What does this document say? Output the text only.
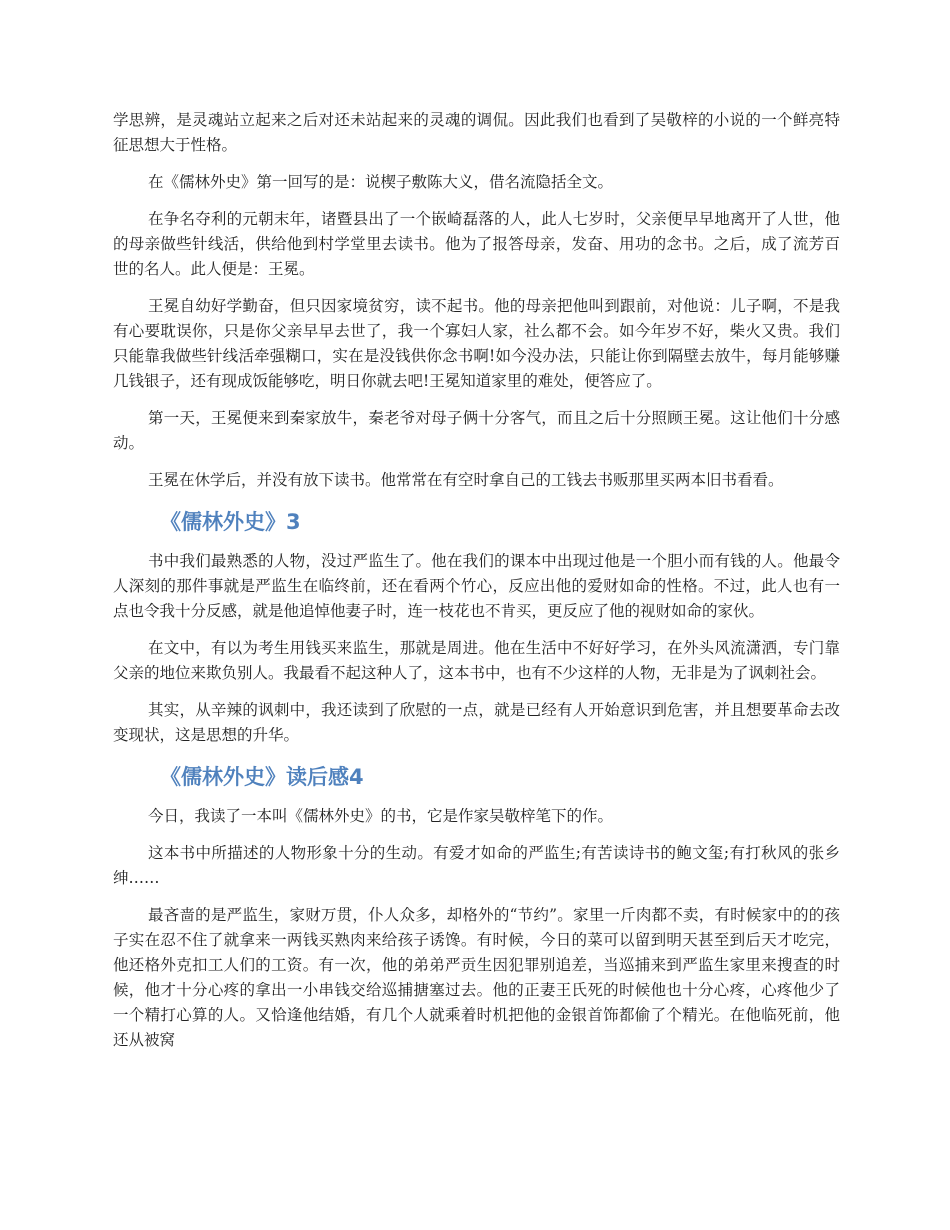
学思辨，是灵魂站立起来之后对还未站起来的灵魂的调侃。因此我们也看到了吴敬梓的小说的一个鲜亮特征思想大于性格。

在《儒林外史》第一回写的是：说楔子敷陈大义，借名流隐括全文。

在争名夺利的元朝末年，诸暨县出了一个嵌崎磊落的人，此人七岁时，父亲便早早地离开了人世，他的母亲做些针线活，供给他到村学堂里去读书。他为了报答母亲，发奋、用功的念书。之后，成了流芳百世的名人。此人便是：王冕。

王冕自幼好学勤奋，但只因家境贫穷，读不起书。他的母亲把他叫到跟前，对他说：儿子啊，不是我有心要耽误你，只是你父亲早早去世了，我一个寡妇人家，社么都不会。如今年岁不好，柴火又贵。我们只能靠我做些针线活牵强糊口，实在是没钱供你念书啊!如今没办法，只能让你到隔壁去放牛，每月能够赚几钱银子，还有现成饭能够吃，明日你就去吧!王冕知道家里的难处，便答应了。

第一天，王冕便来到秦家放牛，秦老爷对母子俩十分客气，而且之后十分照顾王冕。这让他们十分感动。

王冕在休学后，并没有放下读书。他常常在有空时拿自己的工钱去书贩那里买两本旧书看看。

《儒林外史》3

书中我们最熟悉的人物，没过严监生了。他在我们的课本中出现过他是一个胆小而有钱的人。他最令人深刻的那件事就是严监生在临终前，还在看两个竹心，反应出他的爱财如命的性格。不过，此人也有一点也令我十分反感，就是他追悼他妻子时，连一枝花也不肯买，更反应了他的视财如命的家伙。

在文中，有以为考生用钱买来监生，那就是周进。他在生活中不好好学习，在外头风流潇洒，专门靠父亲的地位来欺负别人。我最看不起这种人了，这本书中，也有不少这样的人物，无非是为了讽刺社会。

其实，从辛辣的讽刺中，我还读到了欣慰的一点，就是已经有人开始意识到危害，并且想要革命去改变现状，这是思想的升华。

《儒林外史》读后感4

今日，我读了一本叫《儒林外史》的书，它是作家吴敬梓笔下的作。

这本书中所描述的人物形象十分的生动。有爱才如命的严监生;有苦读诗书的鲍文玺;有打秋风的张乡绅……

最吝啬的是严监生，家财万贯，仆人众多，却格外的“节约”。家里一斤肉都不卖，有时候家中的的孩子实在忍不住了就拿来一两钱买熟肉来给孩子诱馋。有时候，今日的菜可以留到明天甚至到后天才吃完，他还格外克扣工人们的工资。有一次，他的弟弟严贡生因犯罪别追差，当巡捕来到严监生家里来搜查的时候，他才十分心疼的拿出一小串钱交给巡捕搪塞过去。他的正妻王氏死的时候他也十分心疼，心疼他少了一个精打心算的人。又恰逢他结婚，有几个人就乘着时机把他的金银首饰都偷了个精光。在他临死前，他还从被窝
